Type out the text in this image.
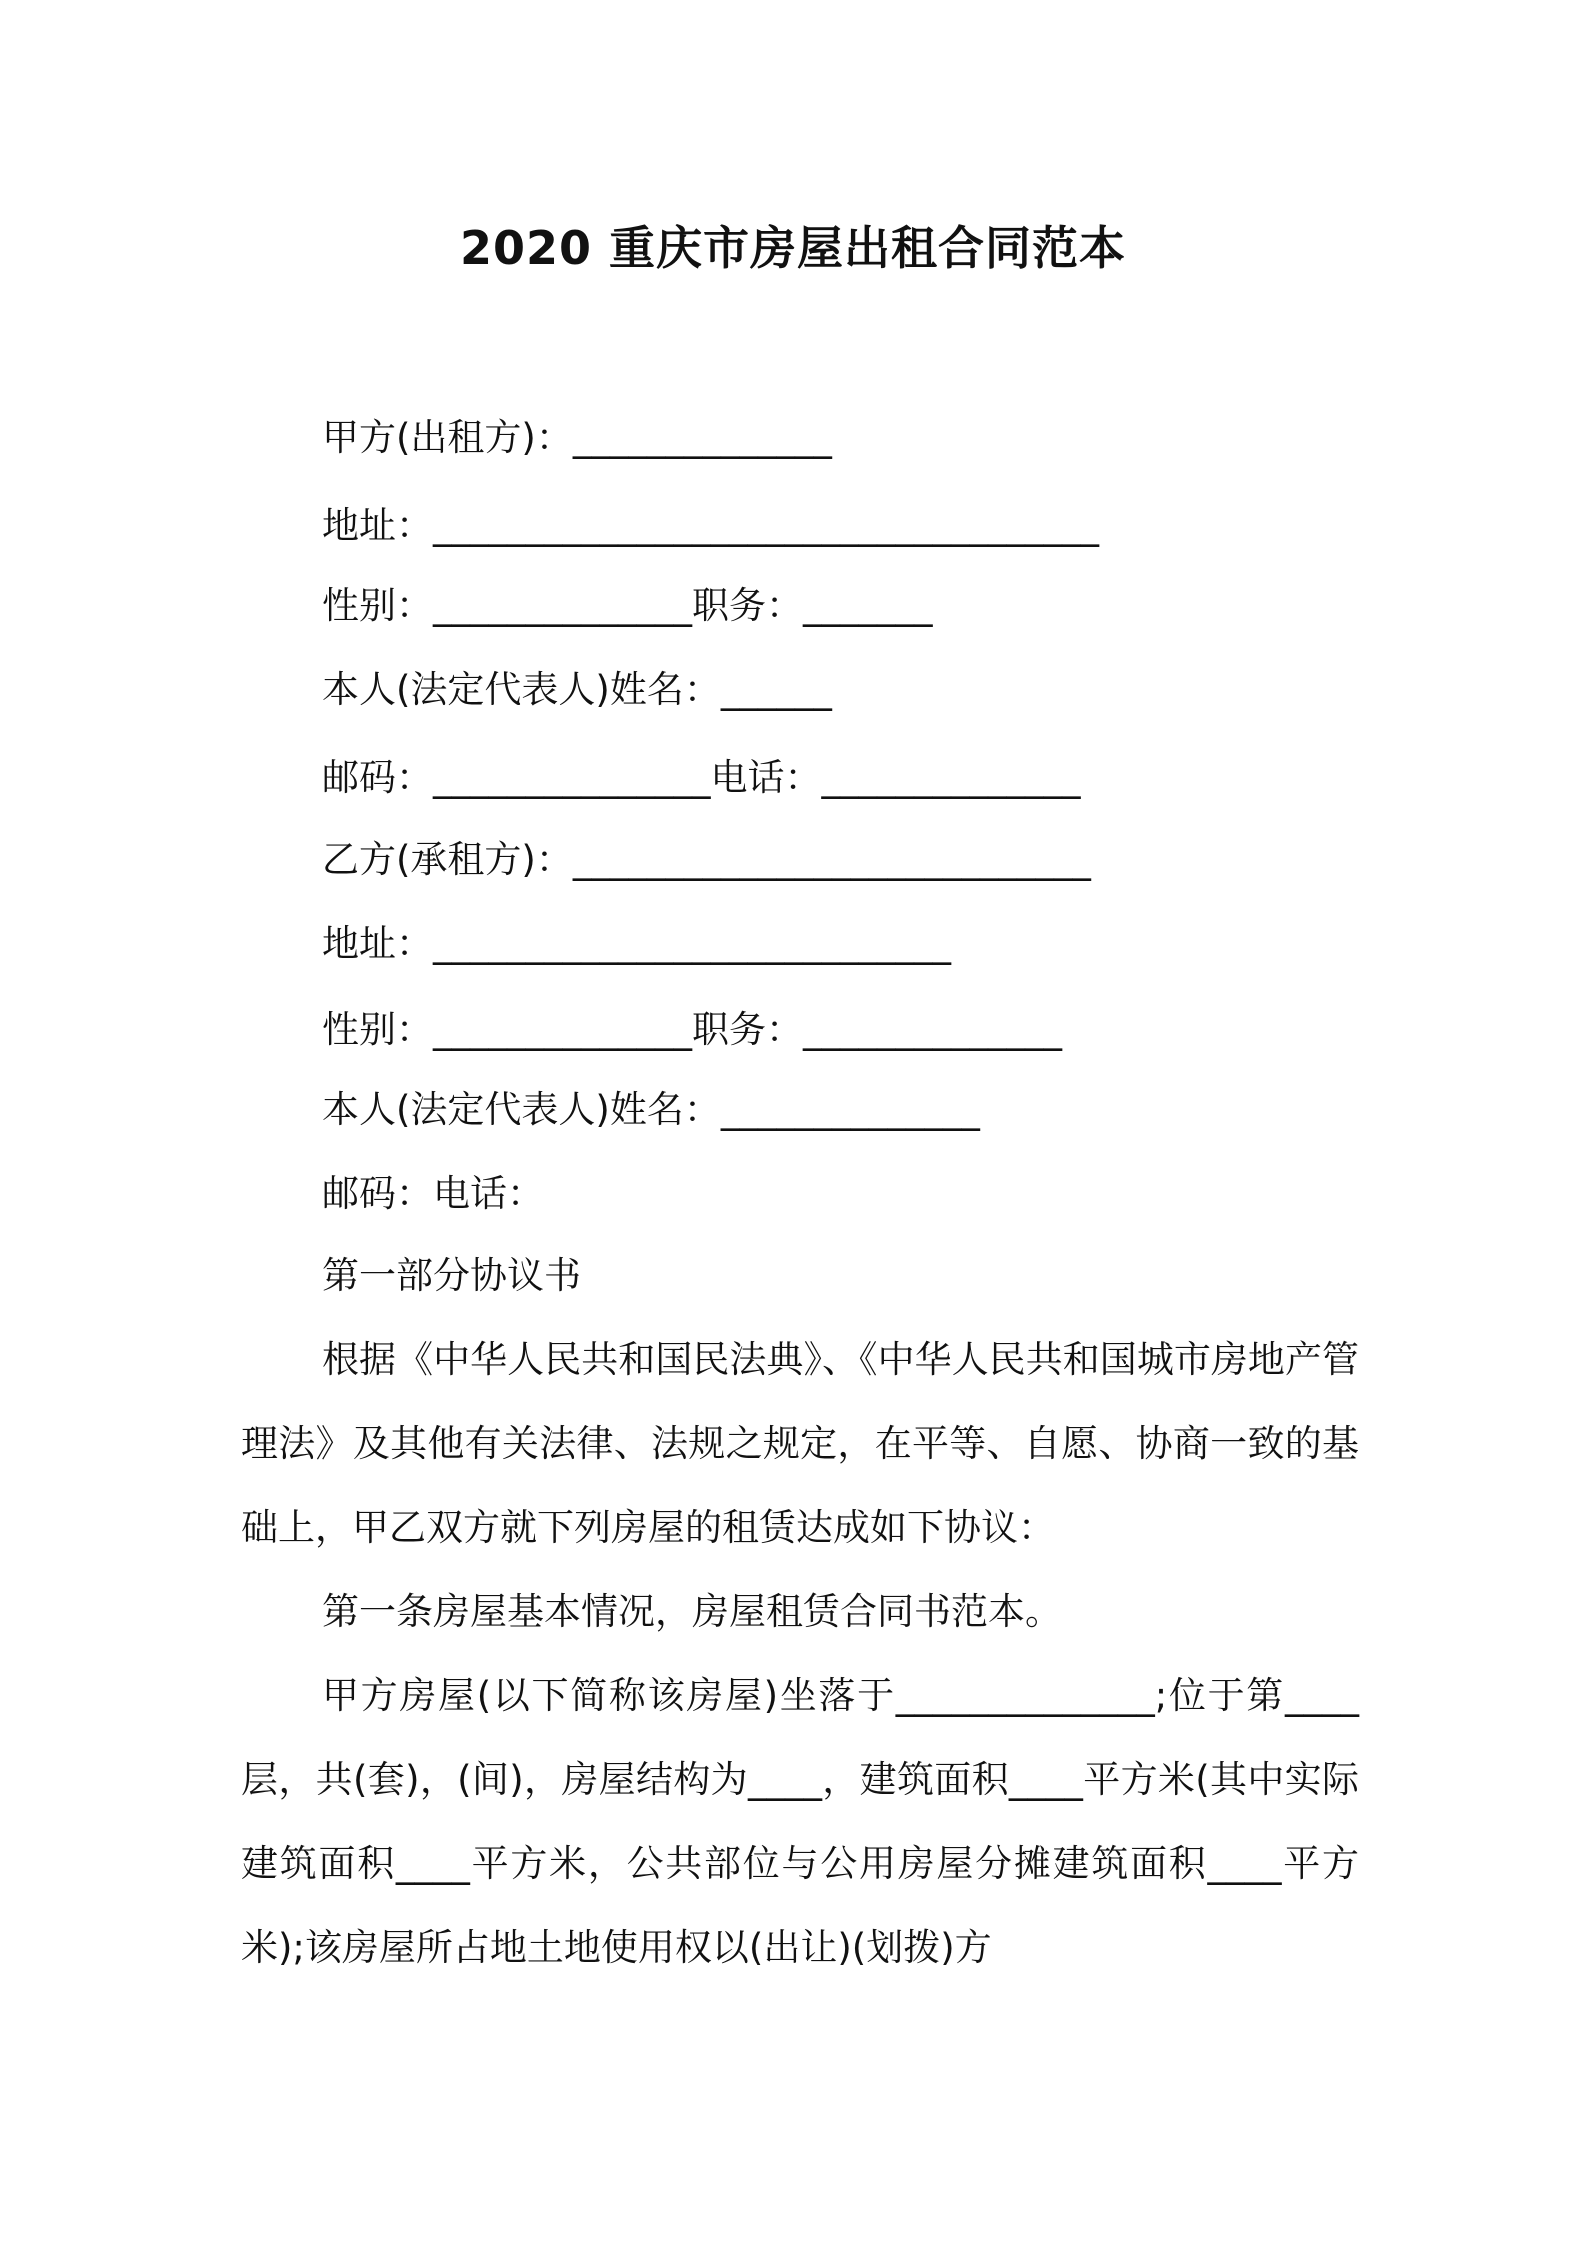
2020 重庆市房屋出租合同范本
甲方(出租方)：______________
地址：____________________________________
性别：______________职务：_______
本人(法定代表人)姓名：______
邮码：_______________电话：______________
乙方(承租方)：____________________________
地址：____________________________
性别：______________职务：______________
本人(法定代表人)姓名：______________
邮码：电话：
第一部分协议书
根据《中华人民共和国民法典》、《中华人民共和国城市房地产管理法》及其他有关法律、法规之规定，在平等、自愿、协商一致的基础上，甲乙双方就下列房屋的租赁达成如下协议：
第一条房屋基本情况，房屋租赁合同书范本。
甲方房屋(以下简称该房屋)坐落于______________;位于第____层，共(套)，(间)，房屋结构为____，建筑面积____平方米(其中实际建筑面积____平方米，公共部位与公用房屋分摊建筑面积____平方米);该房屋所占地土地使用权以(出让)(划拨)方
